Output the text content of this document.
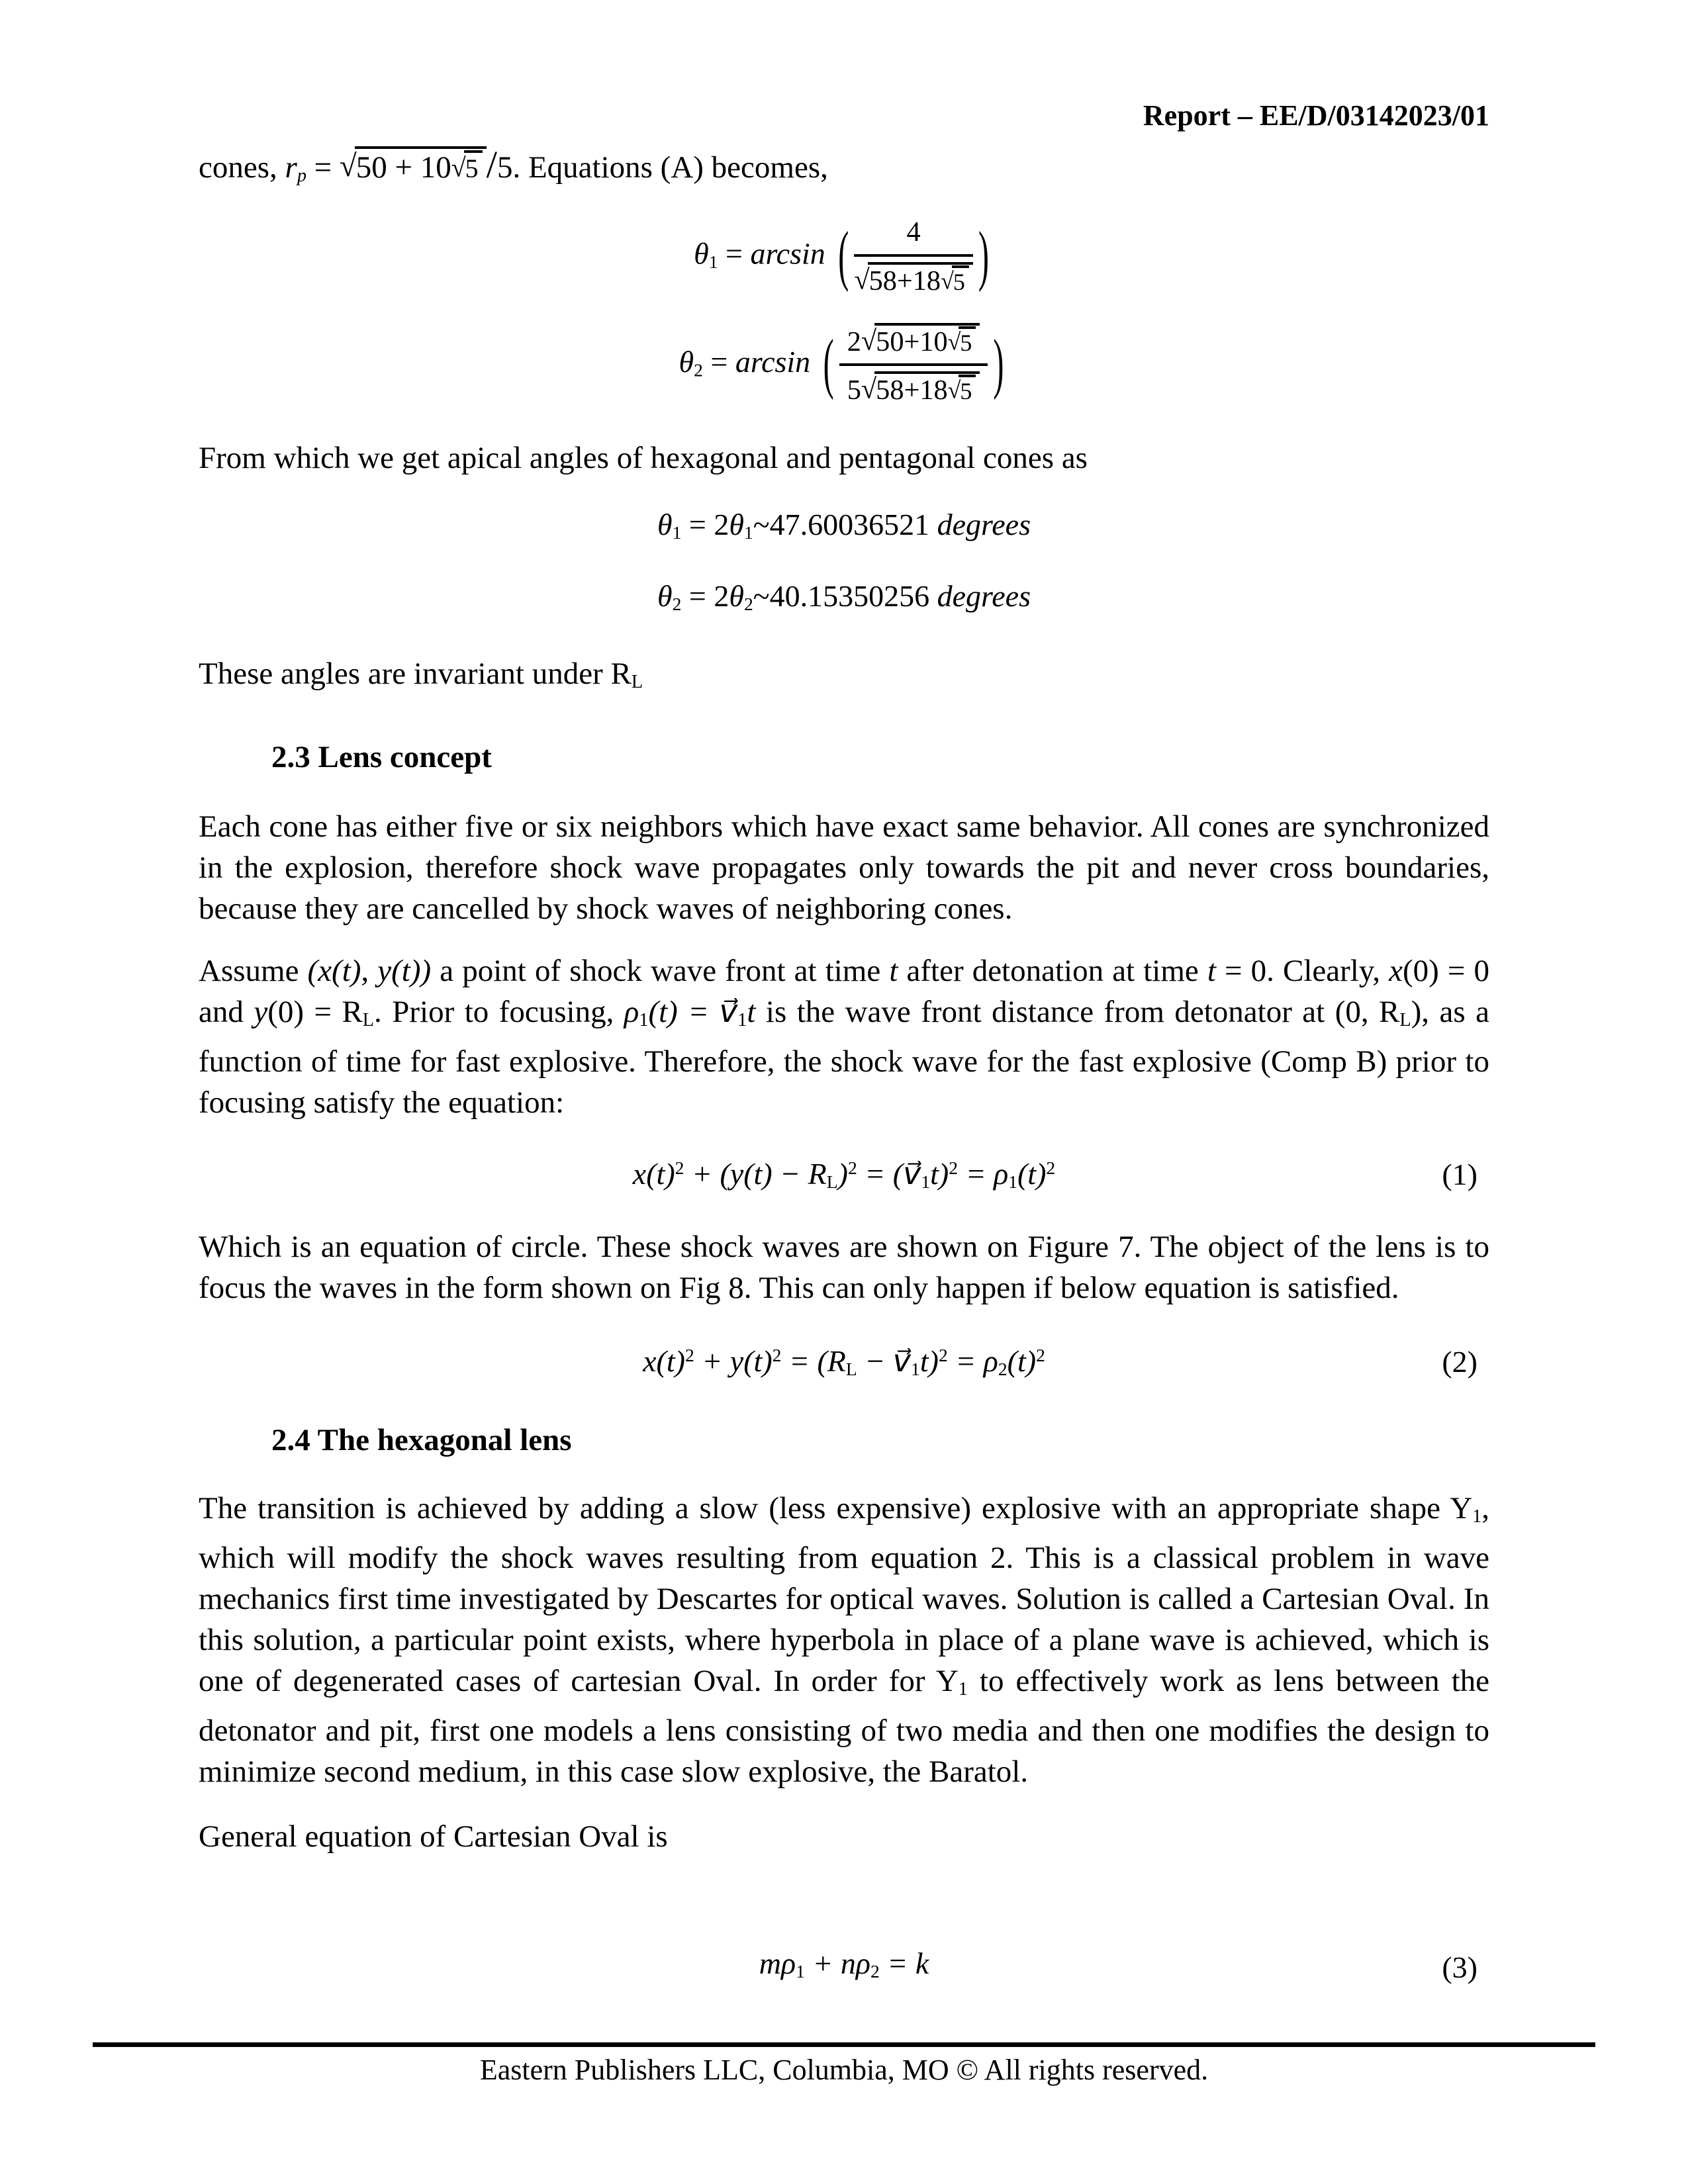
Report – EE/D/03142023/01

cones, $r_p = √50 + 10√5$ /5. Equations (A) becomes,

$\theta_1 = \arcsin$ ( $\frac{4}{√58+18√5}$ )
$\theta_2 = \arcsin$ ( $\frac{2√50+10√5}{5√58+18√5}$ )

From which we get apical angles of hexagonal and pentagonal cones as

$\theta_1$ = $2\theta_1\sim 47.60036521$ degrees
$\theta_2$ = $2\theta_2\sim 40.15350256$ degrees

These angles are invariant under $R_L$

2.3 Lens concept

Each cone has either five or six neighbors which have exact same behavior. All cones are synchronized in the explosion, therefore shock wave propagates only towards the pit and never cross boundaries, because they are cancelled by shock waves of neighboring cones.

Assume (x(t), y(t)) a point of shock wave front at time t after detonation at time t = 0. Clearly, x(0) = 0 and $y(0) = R_L$. Prior to focusing, $\rho_1(t)$ = $v⃗_1t$ is the wave front distance from detonator at (0, $R_L$), as a function of time for fast explosive. Therefore, the shock wave for the fast explosive (Comp B) prior to focusing satisfy the equation:

$x(t)^2 + (y(t) - R_L)^2$ = $(v⃗_1t)^2 = \rho_1(t)^2$	(1)

Which is an equation of circle. These shock waves are shown on Figure 7. The object of the lens is to focus the waves in the form shown on Fig 8. This can only happen if below equation is satisfied.

$x(t)^2 + y(t)^2 = (R_L$ − $v⃗_1t)^2 = \rho_2(t)^2$	(2)
2.4 The hexagonal lens

The transition is achieved by adding a slow (less expensive) explosive with an appropriate shape $Y_1$, which will modify the shock waves resulting from equation 2. This is a classical problem in wave mechanics first time investigated by Descartes for optical waves. Solution is called a Cartesian Oval. In this solution, a particular point exists, where hyperbola in place of a plane wave is achieved, which is one of degenerated cases of cartesian Oval. In order for $Y_1$ to effectively work as lens between the detonator and pit, first one models a lens consisting of two media and then one modifies the design to minimize second medium, in this case slow explosive, the Baratol.

General equation of Cartesian Oval is

$m\rho_1 + n\rho_2 = k$	(3)
Eastern Publishers LLC, Columbia, MO © All rights reserved.
